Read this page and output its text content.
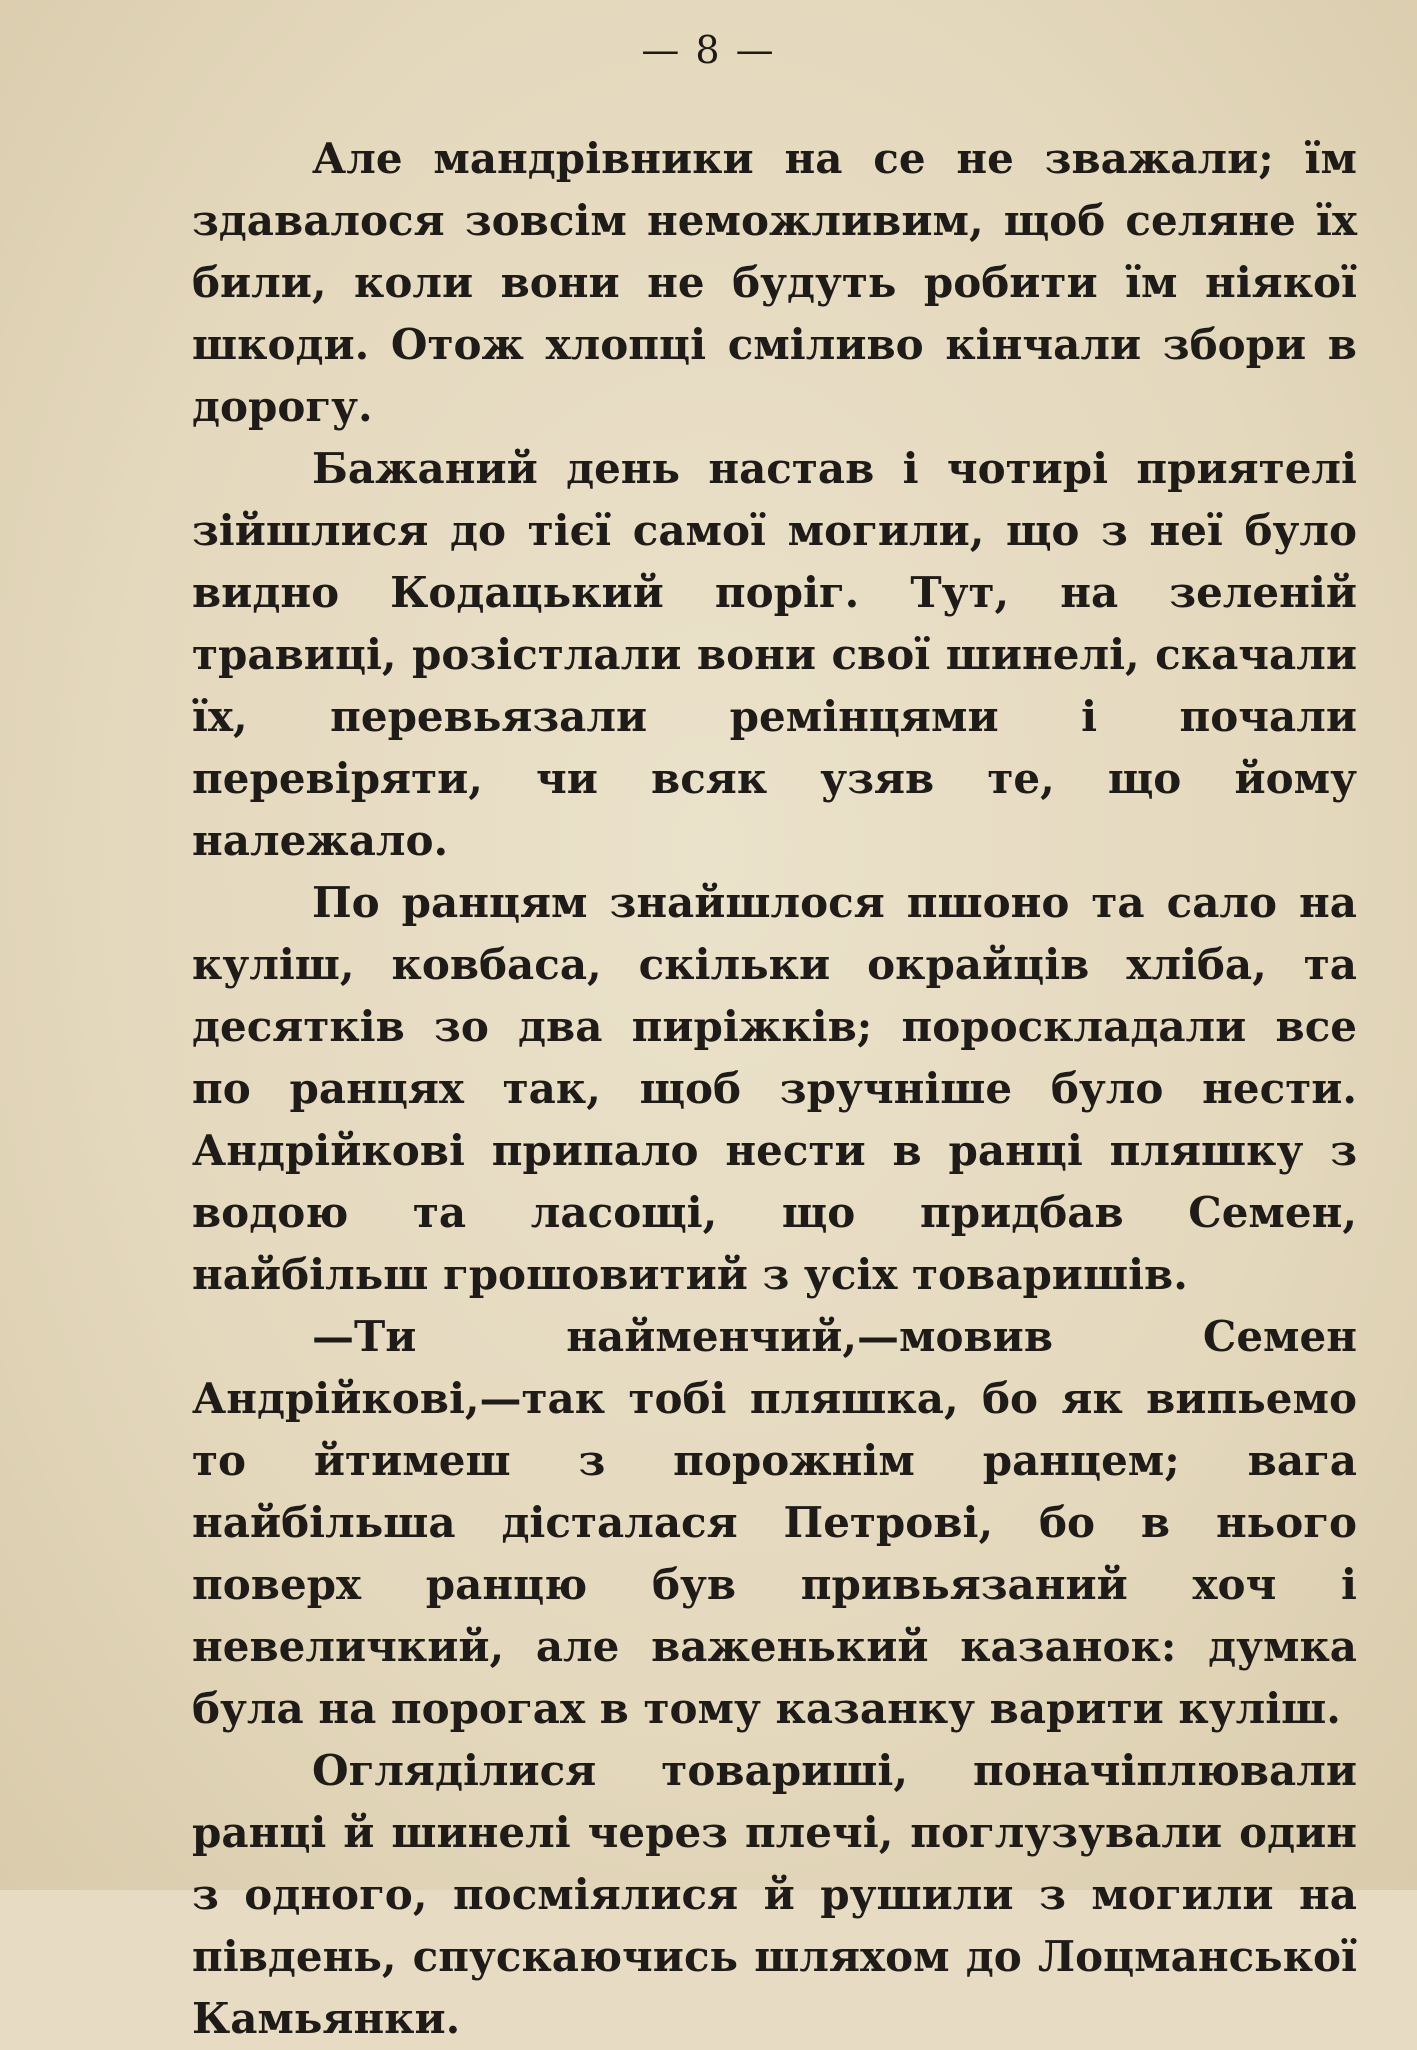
— 8 —

Але мандрівники на се не зважали; їм здавалося зовсім неможливим, щоб селяне їх били, коли вони не будуть робити їм ніякої шкоди. Отож хлопці сміливо кінчали збори в дорогу.

Бажаний день настав і чотирі приятелі зійшлися до тієї самої могили, що з неї було видно Кодацький поріг. Тут, на зеленій травиці, розістлали вони свої шинелі, скачали їх, перевьязали ремінцями і почали перевіряти, чи всяк узяв те, що йому належало.

По ранцям знайшлося пшоно та сало на куліш, ковбаса, скільки окрайців хліба, та десятків зо два пиріжків; пороскладали все по ранцях так, щоб зручніше було нести. Андрійкові припало нести в ранці пляшку з водою та ласощі, що придбав Семен, найбільш грошовитий з усіх товаришів.

—Ти найменчий,—мовив Семен Андрійкові,—так тобі пляшка, бо як випьемо то йтимеш з порожнім ранцем; вага найбільша дісталася Петрові, бо в нього поверх ранцю був привьязаний хоч і невеличкий, але важенький казанок: думка була на порогах в тому казанку варити куліш.

Оглядiлися товариші, поначіплювали ранці й шинелі через плечі, поглузували один з одного, посміялися й рушили з могили на південь, спускаючись шляхом до Лоцманської Камьянки.
